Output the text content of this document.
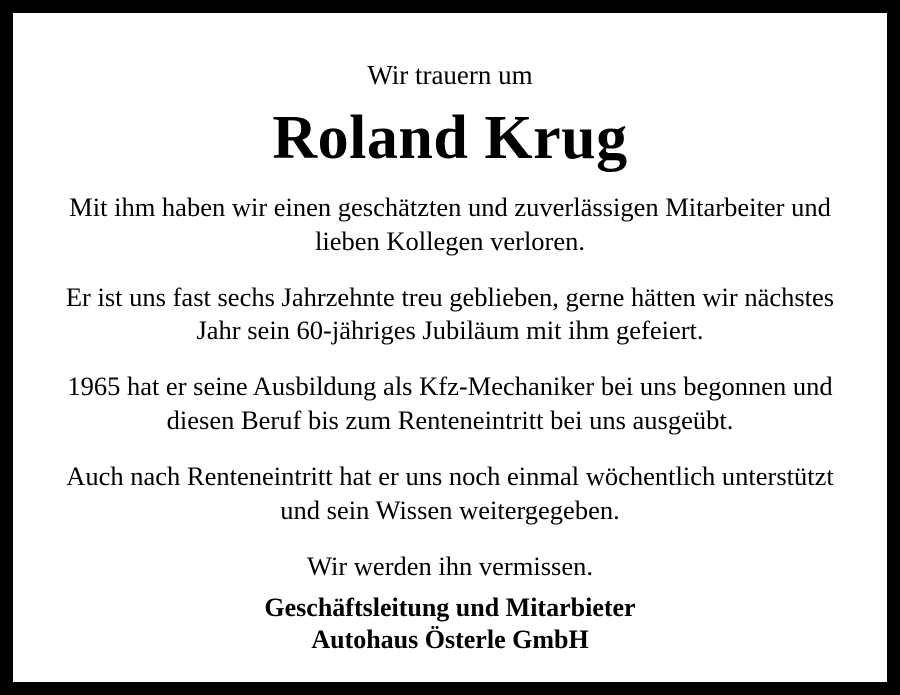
Wir trauern um
Roland Krug

Mit ihm haben wir einen geschätzten und zuverlässigen Mitarbeiter und lieben Kollegen verloren.

Er ist uns fast sechs Jahrzehnte treu geblieben, gerne hätten wir nächstes Jahr sein 60-jähriges Jubiläum mit ihm gefeiert.

1965 hat er seine Ausbildung als Kfz-Mechaniker bei uns begonnen und diesen Beruf bis zum Renteneintritt bei uns ausgeübt.

Auch nach Renteneintritt hat er uns noch einmal wöchentlich unterstützt und sein Wissen weitergegeben.

Wir werden ihn vermissen.

Geschäftsleitung und Mitarbieter
Autohaus Österle GmbH
